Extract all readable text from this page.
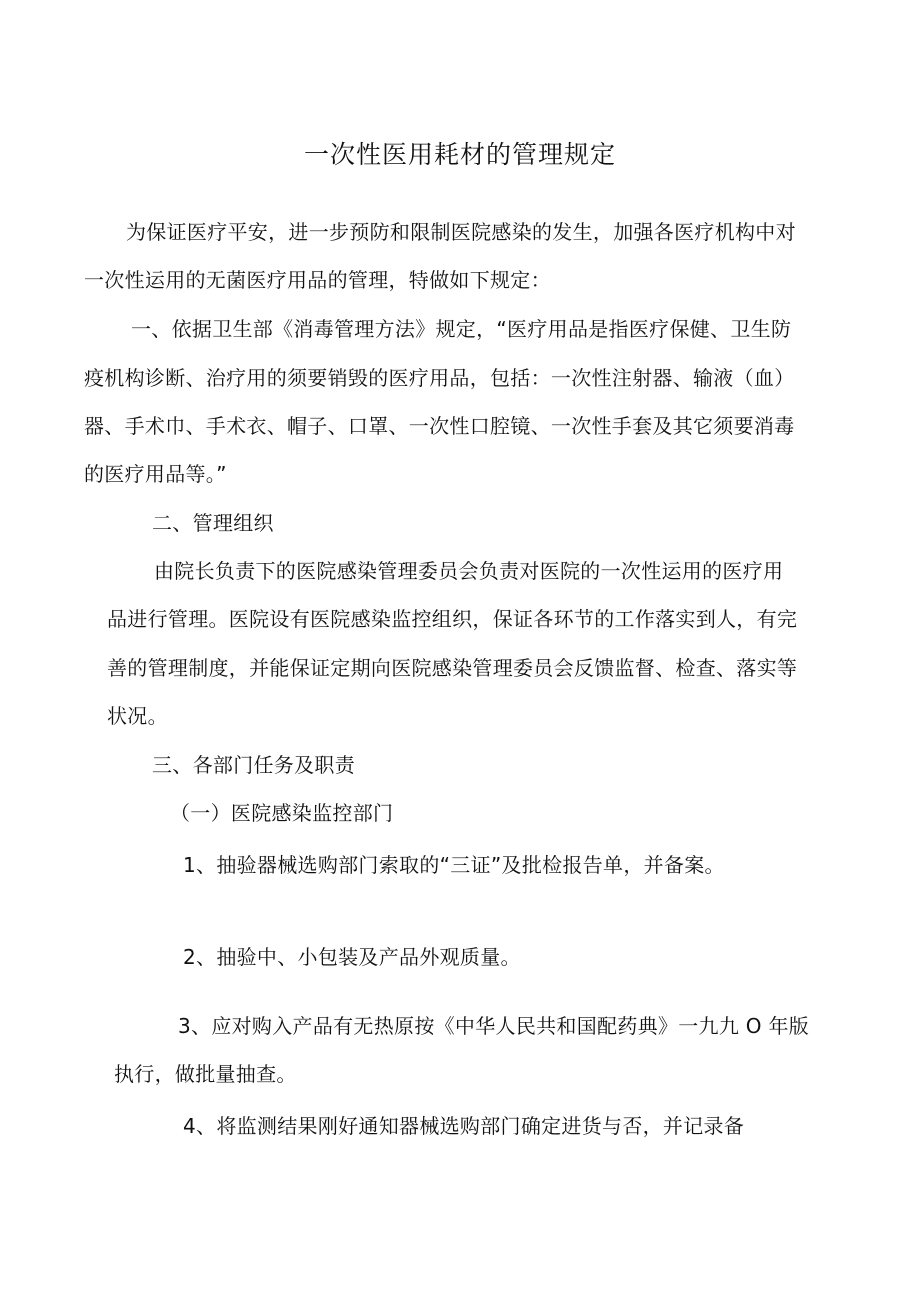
一次性医用耗材的管理规定
为保证医疗平安，进一步预防和限制医院感染的发生，加强各医疗机构中对
一次性运用的无菌医疗用品的管理，特做如下规定：
一、依据卫生部《消毒管理方法》规定，“医疗用品是指医疗保健、卫生防
疫机构诊断、治疗用的须要销毁的医疗用品，包括：一次性注射器、输液（血）
器、手术巾、手术衣、帽子、口罩、一次性口腔镜、一次性手套及其它须要消毒
的医疗用品等。”
二、管理组织
由院长负责下的医院感染管理委员会负责对医院的一次性运用的医疗用
品进行管理。医院设有医院感染监控组织，保证各环节的工作落实到人，有完
善的管理制度，并能保证定期向医院感染管理委员会反馈监督、检查、落实等
状况。
三、各部门任务及职责
（一）医院感染监控部门
1、抽验器械选购部门索取的“三证”及批检报告单，并备案。
2、抽验中、小包装及产品外观质量。
3、应对购入产品有无热原按《中华人民共和国配药典》一九九 O 年版
执行，做批量抽查。
4、将监测结果刚好通知器械选购部门确定进货与否，并记录备
